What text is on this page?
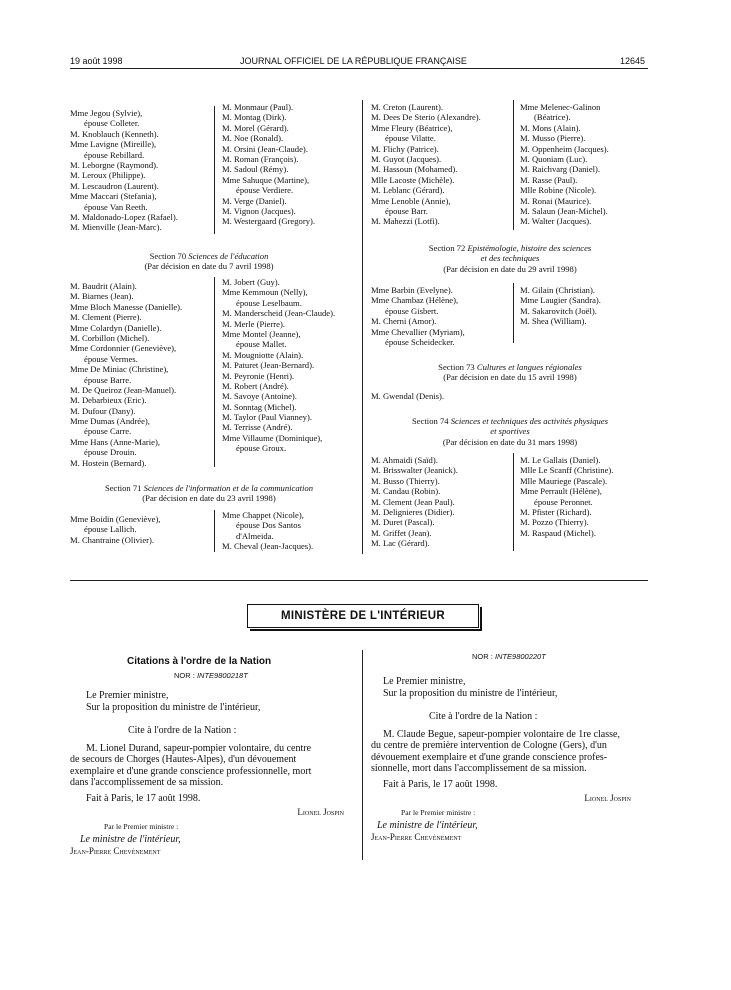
19 août 1998	JOURNAL OFFICIEL DE LA RÉPUBLIQUE FRANÇAISE	12645
Mme Jegou (Sylvie),
épouse Colleter.
M. Knoblauch (Kenneth).
Mme Lavigne (Mireille),
épouse Rebillard.
M. Leborgne (Raymond).
M. Leroux (Philippe).
M. Lescaudron (Laurent).
Mme Maccari (Stefania),
épouse Van Reeth.
M. Maldonado-Lopez (Rafael).
M. Mienville (Jean-Marc).
M. Monmaur (Paul).
M. Montag (Dirk).
M. Morel (Gérard).
M. Noe (Ronald).
M. Orsini (Jean-Claude).
M. Roman (François).
M. Sadoul (Rémy).
Mme Sahuque (Martine),
épouse Verdiere.
M. Verge (Daniel).
M. Vignon (Jacques).
M. Westergaard (Gregory).
Section 70 Sciences de l'éducation
(Par décision en date du 7 avril 1998)
M. Baudrit (Alain).
M. Biarnes (Jean).
Mme Bloch Manesse (Danielle).
M. Clement (Pierre).
Mme Colardyn (Danielle).
M. Corbillon (Michel).
Mme Cordonnier (Geneviève),
épouse Vermes.
Mme De Miniac (Christine),
épouse Barre.
M. De Queiroz (Jean-Manuel).
M. Debarbieux (Eric).
M. Dufour (Dany).
Mme Dumas (Andrée),
épouse Carre.
Mme Hans (Anne-Marie),
épouse Drouin.
M. Hostein (Bernard).
M. Jobert (Guy).
Mme Kemmoun (Nelly),
épouse Leselbaum.
M. Manderscheid (Jean-Claude).
M. Merle (Pierre).
Mme Montel (Jeanne),
épouse Mallet.
M. Mougniotte (Alain).
M. Paturet (Jean-Bernard).
M. Peyronie (Henri).
M. Robert (André).
M. Savoye (Antoine).
M. Sonntag (Michel).
M. Taylor (Paul Vianney).
M. Terrisse (André).
Mme Villaume (Dominique),
épouse Groux.
Section 71 Sciences de l'information et de la communication
(Par décision en date du 23 avril 1998)
Mme Boidin (Geneviève),
épouse Lallich.
M. Chantraine (Olivier).
Mme Chappet (Nicole),
épouse Dos Santos
d'Almeida.
M. Cheval (Jean-Jacques).
M. Creton (Laurent).
M. Dees De Sterio (Alexandre).
Mme Fleury (Béatrice),
épouse Vilatte.
M. Flichy (Patrice).
M. Guyot (Jacques).
M. Hassoun (Mohamed).
Mlle Lacoste (Michèle).
M. Leblanc (Gérard).
Mme Lenoble (Annie),
épouse Barr.
M. Mahezzi (Lotfi).
Mme Melenec-Galinon
(Béatrice).
M. Mons (Alain).
M. Musso (Pierre).
M. Oppenheim (Jacques).
M. Quoniam (Luc).
M. Raichvarg (Daniel).
M. Rasse (Paul).
Mlle Robine (Nicole).
M. Ronai (Maurice).
M. Salaun (Jean-Michel).
M. Walter (Jacques).
Section 72 Epistémologie, histoire des sciences
et des techniques
(Par décision en date du 29 avril 1998)
Mme Barbin (Evelyne).
Mme Chambaz (Hélène),
épouse Gisbert.
M. Cherni (Amor).
Mme Chevallier (Myriam),
épouse Scheidecker.
M. Gilain (Christian).
Mme Laugier (Sandra).
M. Sakarovitch (Joël).
M. Shea (William).
Section 73 Cultures et langues régionales
(Par décision en date du 15 avril 1998)
M. Gwendal (Denis).
Section 74 Sciences et techniques des activités physiques
et sportives
(Par décision en date du 31 mars 1998)
M. Ahmaidi (Saïd).
M. Brisswalter (Jeanick).
M. Busso (Thierry).
M. Candau (Robin).
M. Clement (Jean Paul).
M. Delignieres (Didier).
M. Duret (Pascal).
M. Griffet (Jean).
M. Lac (Gérard).
M. Le Gallais (Daniel).
Mlle Le Scanff (Christine).
Mlle Mauriege (Pascale).
Mme Perrault (Hélène),
épouse Peronnet.
M. Pfister (Richard).
M. Pozzo (Thierry).
M. Raspaud (Michel).
MINISTÈRE DE L'INTÉRIEUR
Citations à l'ordre de la Nation
NOR : INTE9800218T

Le Premier ministre,

Sur la proposition du ministre de l'intérieur,

Cite à l'ordre de la Nation :

M. Lionel Durand, sapeur-pompier volontaire, du centre

de secours de Chorges (Hautes-Alpes), d'un dévouement

exemplaire et d'une grande conscience professionnelle, mort

dans l'accomplissement de sa mission.

Fait à Paris, le 17 août 1998.

Lionel Jospin

Par le Premier ministre :

Le ministre de l'intérieur,

Jean-Pierre Chevènement

NOR : INTE9800220T

Le Premier ministre,

Sur la proposition du ministre de l'intérieur,

Cite à l'ordre de la Nation :

M. Claude Begue, sapeur-pompier volontaire de 1re classe,

du centre de première intervention de Cologne (Gers), d'un

dévouement exemplaire et d'une grande conscience profes-

sionnelle, mort dans l'accomplissement de sa mission.

Fait à Paris, le 17 août 1998.

Lionel Jospin

Par le Premier ministre :

Le ministre de l'intérieur,

Jean-Pierre Chevènement
